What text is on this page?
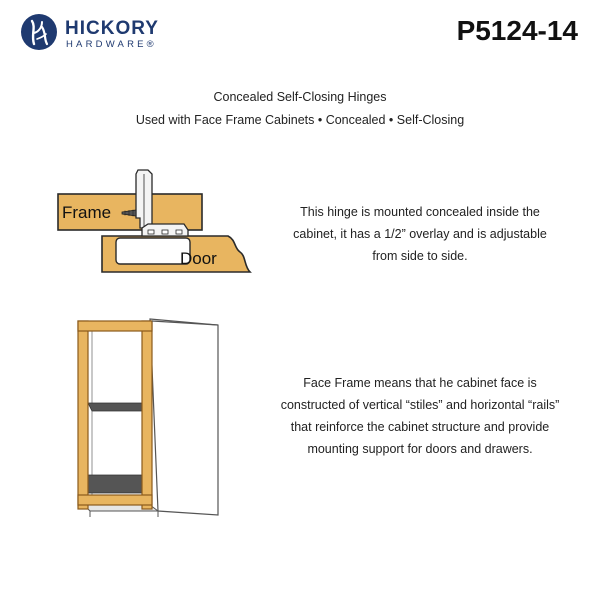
HICKORY
HARDWARE®	P5124-14
Concealed Self-Closing Hinges
Used with Face Frame Cabinets • Concealed • Self-Closing
Frame
Door
This hinge is mounted concealed inside the
cabinet, it has a 1/2” overlay and is adjustable
from side to side.
Face Frame means that he cabinet face is
constructed of vertical “stiles” and horizontal “rails”
that reinforce the cabinet structure and provide
mounting support for doors and drawers.
